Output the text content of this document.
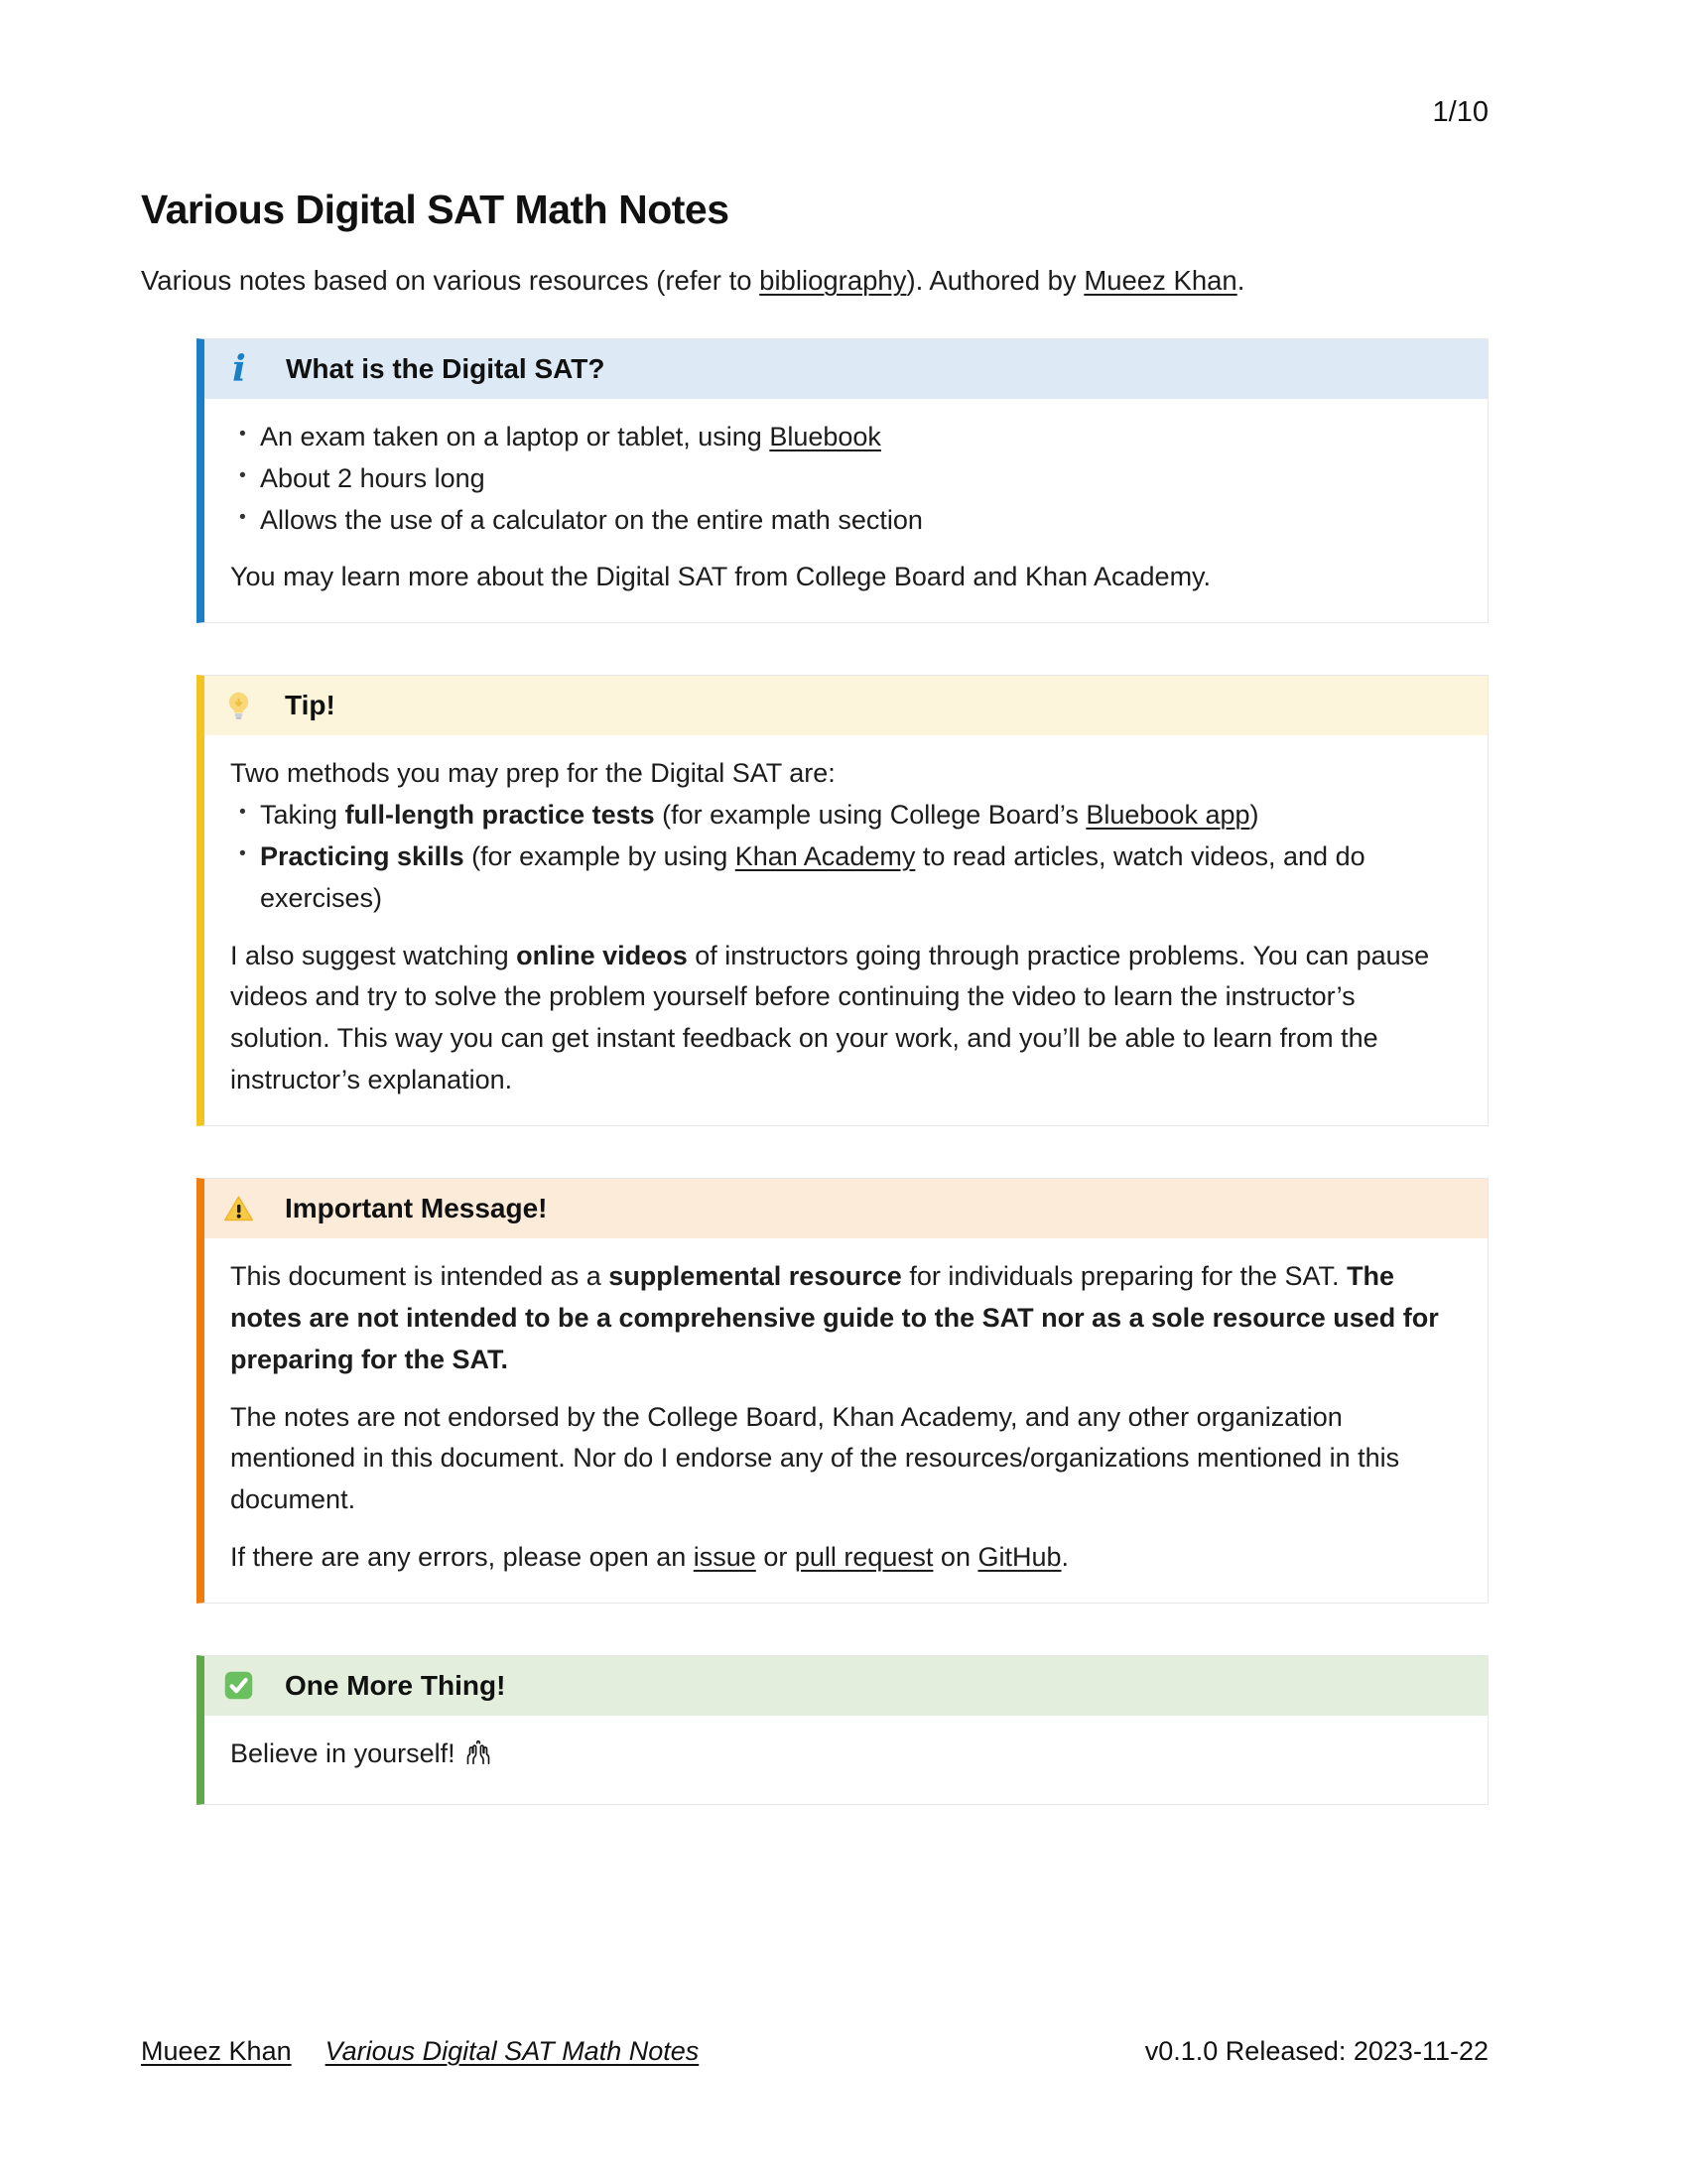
1/10
Various Digital SAT Math Notes

Various notes based on various resources (refer to bibliography). Authored by Mueez Khan.

i	What is the Digital SAT?
• An exam taken on a laptop or tablet, using Bluebook
• About 2 hours long
• Allows the use of a calculator on the entire math section

You may learn more about the Digital SAT from College Board and Khan Academy.

Tip!

Two methods you may prep for the Digital SAT are:

• Taking full-length practice tests (for example using College Board’s Bluebook app)
• Practicing skills (for example by using Khan Academy to read articles, watch videos, and do exercises)

I also suggest watching online videos of instructors going through practice problems. You can pause videos and try to solve the problem yourself before continuing the video to learn the instructor’s solution. This way you can get instant feedback on your work, and you’ll be able to learn from the instructor’s explanation.

Important Message!

This document is intended as a supplemental resource for individuals preparing for the SAT. The notes are not intended to be a comprehensive guide to the SAT nor as a sole resource used for preparing for the SAT.

The notes are not endorsed by the College Board, Khan Academy, and any other organization mentioned in this document. Nor do I endorse any of the resources/organizations mentioned in this document.

If there are any errors, please open an issue or pull request on GitHub.

One More Thing!

Believe in yourself!

Mueez Khan Various Digital SAT Math Notes	v0.1.0 Released: 2023-11-22
